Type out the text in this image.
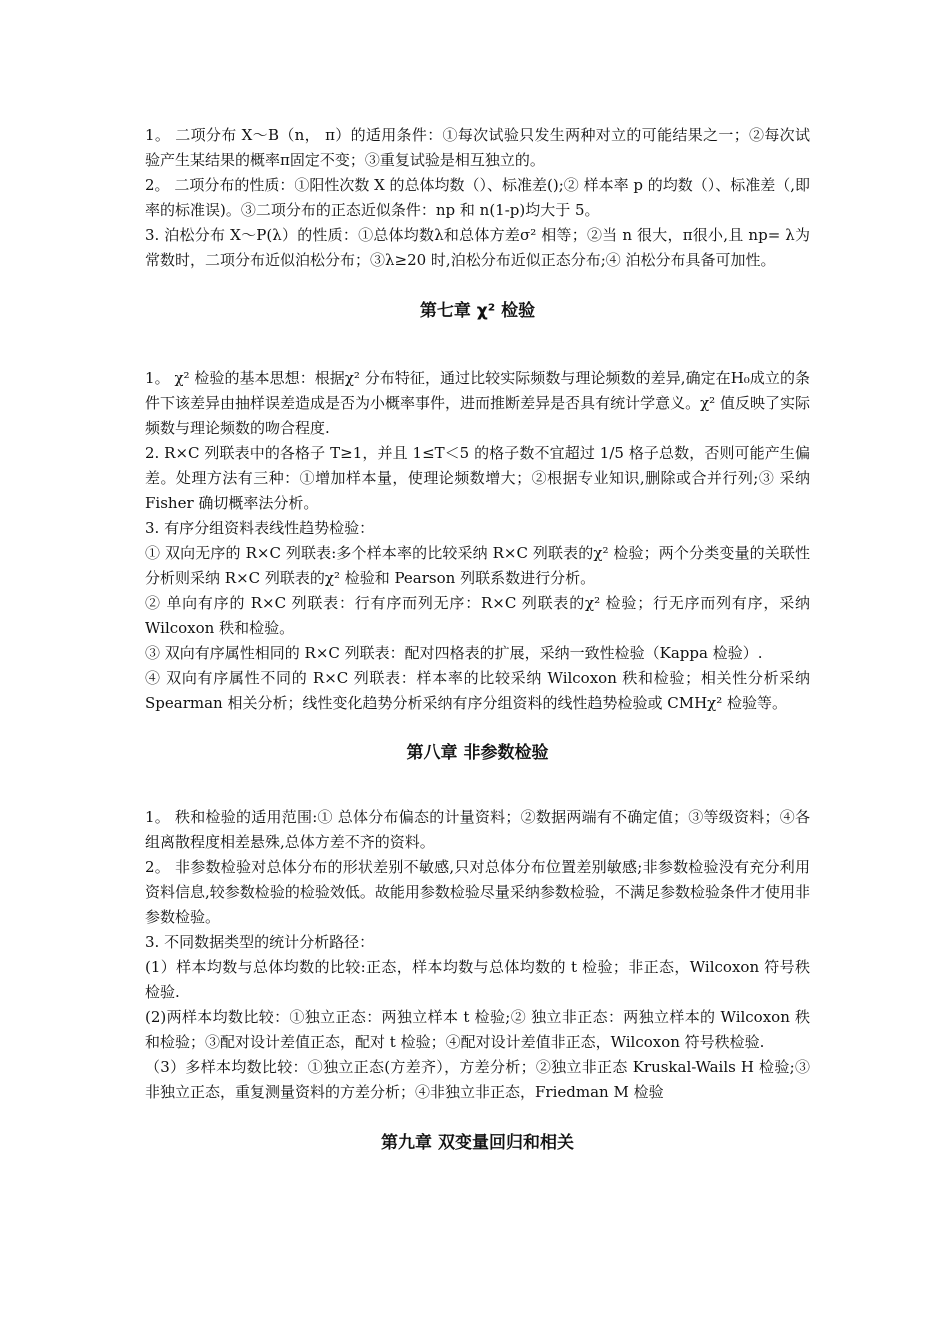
1。 二项分布 X～B（n， π）的适用条件：①每次试验只发生两种对立的可能结果之一；②每次试验产生某结果的概率π固定不变；③重复试验是相互独立的。

2。 二项分布的性质：①阳性次数 X 的总体均数（）、标准差();② 样本率 p 的均数（）、标准差（,即率的标准误)。③二项分布的正态近似条件：np 和 n(1-p)均大于 5。

3. 泊松分布 X～P(λ）的性质：①总体均数λ和总体方差σ² 相等；②当 n 很大，π很小,且 np= λ为常数时，二项分布近似泊松分布；③λ≥20 时,泊松分布近似正态分布;④ 泊松分布具备可加性。

第七章 χ² 检验

1。 χ² 检验的基本思想：根据χ² 分布特征，通过比较实际频数与理论频数的差异,确定在H₀成立的条件下该差异由抽样误差造成是否为小概率事件，进而推断差异是否具有统计学意义。χ² 值反映了实际频数与理论频数的吻合程度.

2. R×C 列联表中的各格子 T≥1，并且 1≤T＜5 的格子数不宜超过 1/5 格子总数，否则可能产生偏差。处理方法有三种：①增加样本量，使理论频数增大；②根据专业知识,删除或合并行列;③ 采纳 Fisher 确切概率法分析。

3. 有序分组资料表线性趋势检验：

① 双向无序的 R×C 列联表:多个样本率的比较采纳 R×C 列联表的χ² 检验；两个分类变量的关联性分析则采纳 R×C 列联表的χ² 检验和 Pearson 列联系数进行分析。

② 单向有序的 R×C 列联表：行有序而列无序：R×C 列联表的χ² 检验；行无序而列有序，采纳 Wilcoxon 秩和检验。

③ 双向有序属性相同的 R×C 列联表：配对四格表的扩展，采纳一致性检验（Kappa 检验）.

④ 双向有序属性不同的 R×C 列联表：样本率的比较采纳 Wilcoxon 秩和检验；相关性分析采纳 Spearman 相关分析；线性变化趋势分析采纳有序分组资料的线性趋势检验或 CMHχ² 检验等。

第八章 非参数检验

1。 秩和检验的适用范围:① 总体分布偏态的计量资料；②数据两端有不确定值；③等级资料；④各组离散程度相差悬殊,总体方差不齐的资料。

2。 非参数检验对总体分布的形状差别不敏感,只对总体分布位置差别敏感;非参数检验没有充分利用资料信息,较参数检验的检验效低。故能用参数检验尽量采纳参数检验，不满足参数检验条件才使用非参数检验。

3. 不同数据类型的统计分析路径：

(1）样本均数与总体均数的比较:正态，样本均数与总体均数的 t 检验；非正态，Wilcoxon 符号秩检验.

(2)两样本均数比较：①独立正态：两独立样本 t 检验;② 独立非正态：两独立样本的 Wilcoxon 秩和检验；③配对设计差值正态，配对 t 检验；④配对设计差值非正态，Wilcoxon 符号秩检验.

（3）多样本均数比较：①独立正态(方差齐），方差分析；②独立非正态 Kruskal-Wails H 检验;③ 非独立正态，重复测量资料的方差分析；④非独立非正态，Friedman M 检验

第九章 双变量回归和相关
